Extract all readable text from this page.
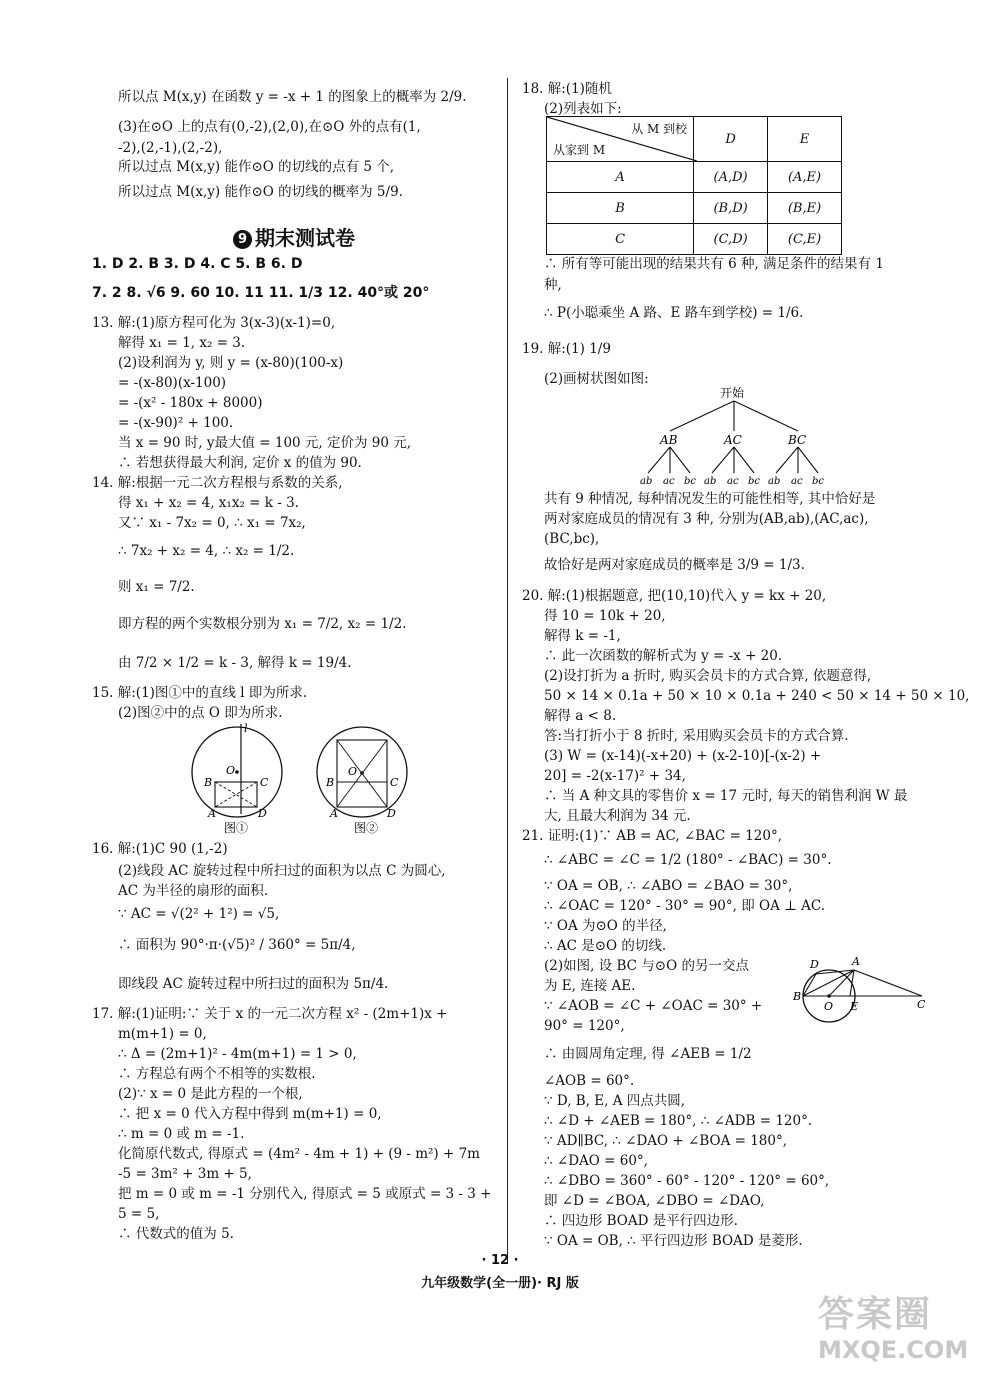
所以点 M(x,y) 在函数 y = -x + 1 的图象上的概率为 2/9.
(3)在⊙O 上的点有(0,-2),(2,0),在⊙O 外的点有(1,
-2),(2,-1),(2,-2),
所以过点 M(x,y) 能作⊙O 的切线的点有 5 个,
所以过点 M(x,y) 能作⊙O 的切线的概率为 5/9.
9 期末测试卷
1. D 2. B 3. D 4. C 5. B 6. D
7. 2 8. √6 9. 60 10. 11 11. 1/3 12. 40°或 20°
13. 解:(1)原方程可化为 3(x-3)(x-1)=0,
解得 x₁ = 1, x₂ = 3.
(2)设利润为 y, 则 y = (x-80)(100-x)
= -(x-80)(x-100)
= -(x² - 180x + 8000)
= -(x-90)² + 100.
当 x = 90 时, y最大值 = 100 元, 定价为 90 元,
∴ 若想获得最大利润, 定价 x 的值为 90.
14. 解:根据一元二次方程根与系数的关系,
得 x₁ + x₂ = 4, x₁x₂ = k - 3.
又∵ x₁ - 7x₂ = 0, ∴ x₁ = 7x₂,
∴ 7x₂ + x₂ = 4, ∴ x₂ = 1/2.
则 x₁ = 7/2.
即方程的两个实数根分别为 x₁ = 7/2, x₂ = 1/2.
由 7/2 × 1/2 = k - 3, 解得 k = 19/4.
15. 解:(1)图①中的直线 l 即为所求.
(2)图②中的点 O 即为所求.
l
O
B	C
A	D
O
B	C
A	D
图①	图②
16. 解:(1)C 90 (1,-2)
(2)线段 AC 旋转过程中所扫过的面积为以点 C 为圆心,
AC 为半径的扇形的面积.
∵ AC = √(2² + 1²) = √5,
∴ 面积为 90°·π·(√5)² / 360° = 5π/4,
即线段 AC 旋转过程中所扫过的面积为 5π/4.
17. 解:(1)证明:∵ 关于 x 的一元二次方程 x² - (2m+1)x +
m(m+1) = 0,
∴ Δ = (2m+1)² - 4m(m+1) = 1 > 0,
∴ 方程总有两个不相等的实数根.
(2)∵ x = 0 是此方程的一个根,
∴ 把 x = 0 代入方程中得到 m(m+1) = 0,
∴ m = 0 或 m = -1.
化简原代数式, 得原式 = (4m² - 4m + 1) + (9 - m²) + 7m
-5 = 3m² + 3m + 5,
把 m = 0 或 m = -1 分别代入, 得原式 = 5 或原式 = 3 - 3 +
5 = 5,
∴ 代数式的值为 5.
18. 解:(1)随机
(2)列表如下:
从 M 到校
从家到 M	D	E
A	(A,D)	(A,E)
B	(B,D)	(B,E)
C	(C,D)	(C,E)
∴ 所有等可能出现的结果共有 6 种, 满足条件的结果有 1
种,
∴ P(小聪乘坐 A 路、E 路车到学校) = 1/6.
19. 解:(1) 1/9
(2)画树状图如图:
开始
AB	AC	BC
ab ac bc ab ac bc ab ac bc
共有 9 种情况, 每种情况发生的可能性相等, 其中恰好是
两对家庭成员的情况有 3 种, 分别为(AB,ab),(AC,ac),
(BC,bc),
故恰好是两对家庭成员的概率是 3/9 = 1/3.
20. 解:(1)根据题意, 把(10,10)代入 y = kx + 20,
得 10 = 10k + 20,
解得 k = -1,
∴ 此一次函数的解析式为 y = -x + 20.
(2)设打折为 a 折时, 购买会员卡的方式合算, 依题意得,
50 × 14 × 0.1a + 50 × 10 × 0.1a + 240 < 50 × 14 + 50 × 10,
解得 a < 8.
答:当打折小于 8 折时, 采用购买会员卡的方式合算.
(3) W = (x-14)(-x+20) + (x-2-10)[-(x-2) +
20] = -2(x-17)² + 34,
∴ 当 A 种文具的零售价 x = 17 元时, 每天的销售利润 W 最
大, 且最大利润为 34 元.
21. 证明:(1)∵ AB = AC, ∠BAC = 120°,
∴ ∠ABC = ∠C = 1/2 (180° - ∠BAC) = 30°.
∵ OA = OB, ∴ ∠ABO = ∠BAO = 30°,
∴ ∠OAC = 120° - 30° = 90°, 即 OA ⊥ AC.
∵ OA 为⊙O 的半径,
∴ AC 是⊙O 的切线.
(2)如图, 设 BC 与⊙O 的另一交点
为 E, 连接 AE.
∵ ∠AOB = ∠C + ∠OAC = 30° +
90° = 120°,
∴ 由圆周角定理, 得 ∠AEB = 1/2
∠AOB = 60°.
∵ D, B, E, A 四点共圆,
∴ ∠D + ∠AEB = 180°, ∴ ∠ADB = 120°.
∵ AD∥BC, ∴ ∠DAO + ∠BOA = 180°,
∴ ∠DAO = 60°,
∴ ∠DBO = 360° - 60° - 120° - 120° = 60°,
即 ∠D = ∠BOA, ∠DBO = ∠DAO,
∴ 四边形 BOAD 是平行四边形.
∵ OA = OB, ∴ 平行四边形 BOAD 是菱形.
D	A
B
O E	C
· 12 ·
九年级数学(全一册)· RJ 版
答案圈
MXQE.COM
